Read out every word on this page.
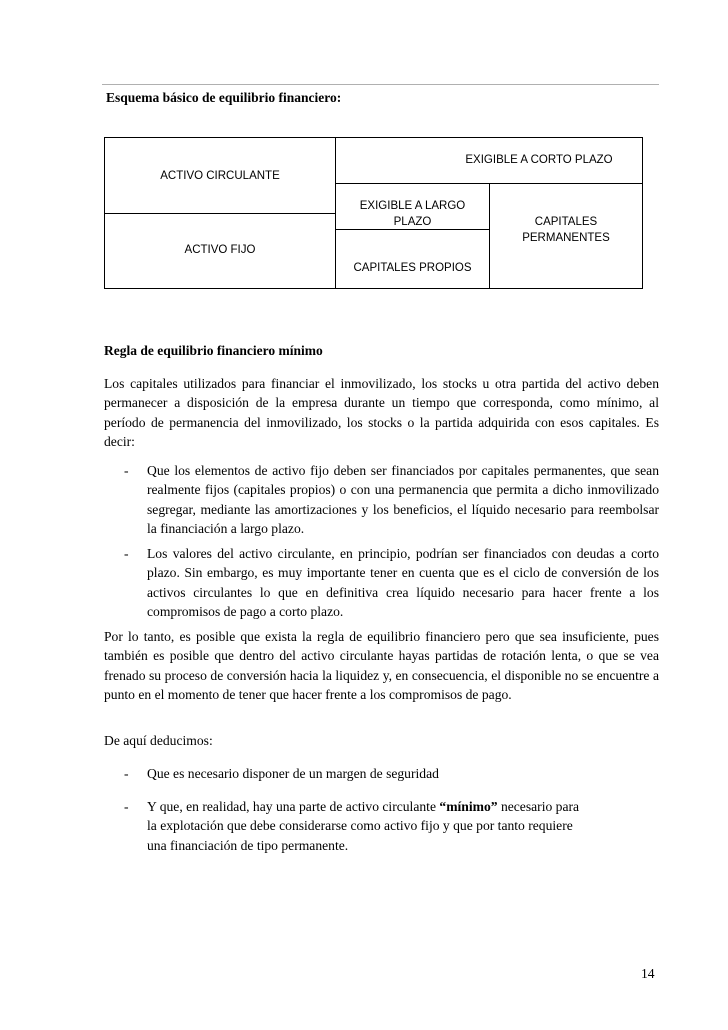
Esquema básico de equilibrio financiero:
ACTIVO CIRCULANTE
ACTIVO FIJO
EXIGIBLE A CORTO PLAZO
EXIGIBLE A LARGO
PLAZO
CAPITALES PROPIOS
CAPITALES
PERMANENTES
Regla de equilibrio financiero mínimo
Los capitales utilizados para financiar el inmovilizado, los stocks u otra partida del activo deben permanecer a disposición de la empresa durante un tiempo que corresponda, como mínimo, al período de permanencia del inmovilizado, los stocks o la partida adquirida con esos capitales. Es decir:
- Que los elementos de activo fijo deben ser financiados por capitales permanentes, que sean realmente fijos (capitales propios) o con una permanencia que permita a dicho inmovilizado segregar, mediante las amortizaciones y los beneficios, el líquido necesario para reembolsar la financiación a largo plazo.
- Los valores del activo circulante, en principio, podrían ser financiados con deudas a corto plazo. Sin embargo, es muy importante tener en cuenta que es el ciclo de conversión de los activos circulantes lo que en definitiva crea líquido necesario para hacer frente a los compromisos de pago a corto plazo.
Por lo tanto, es posible que exista la regla de equilibrio financiero pero que sea insuficiente, pues también es posible que dentro del activo circulante hayas partidas de rotación lenta, o que se vea frenado su proceso de conversión hacia la liquidez y, en consecuencia, el disponible no se encuentre a punto en el momento de tener que hacer frente a los compromisos de pago.
De aquí deducimos:
- Que es necesario disponer de un margen de seguridad
- Y que, en realidad, hay una parte de activo circulante “mínimo” necesario para la explotación que debe considerarse como activo fijo y que por tanto requiere una financiación de tipo permanente.
14
